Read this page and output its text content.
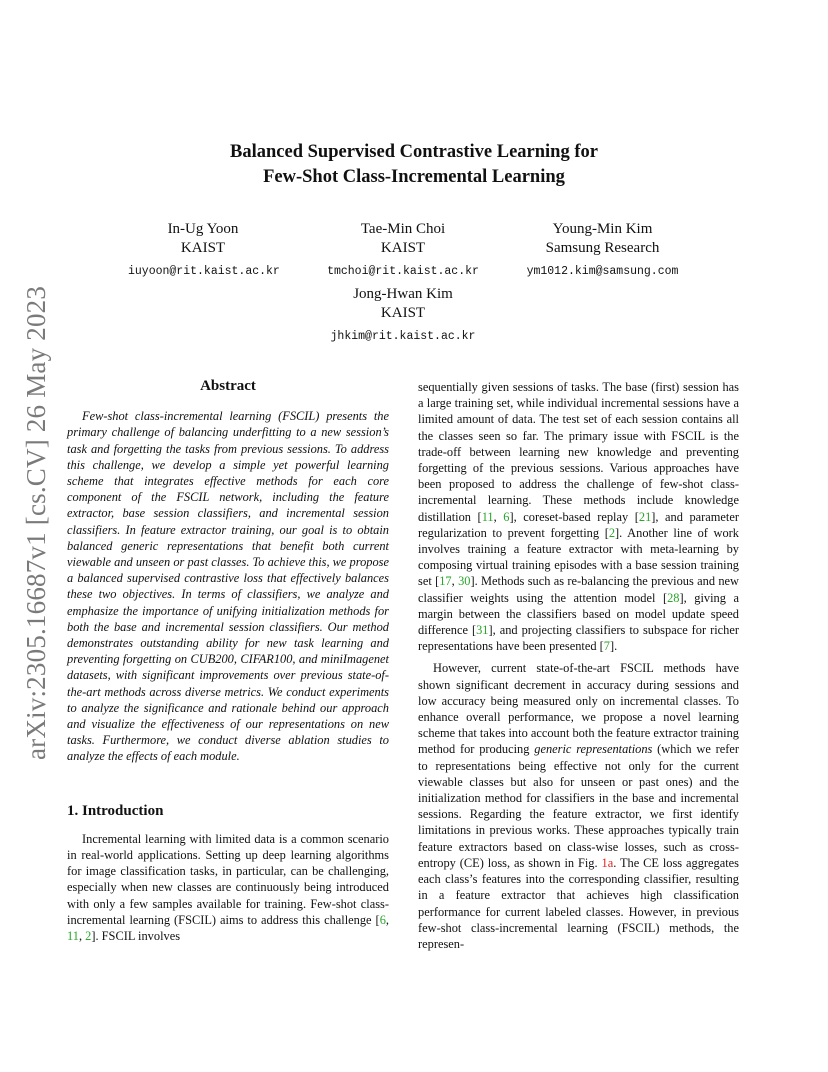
arXiv:2305.16687v1 [cs.CV] 26 May 2023
Balanced Supervised Contrastive Learning for
Few-Shot Class-Incremental Learning
In-Ug Yoon
KAIST
iuyoon@rit.kaist.ac.kr
Tae-Min Choi
KAIST
tmchoi@rit.kaist.ac.kr
Young-Min Kim
Samsung Research
ym1012.kim@samsung.com
Jong-Hwan Kim
KAIST
jhkim@rit.kaist.ac.kr
Abstract

Few-shot class-incremental learning (FSCIL) presents the primary challenge of balancing underfitting to a new session’s task and forgetting the tasks from previous sessions. To address this challenge, we develop a simple yet powerful learning scheme that integrates effective methods for each core component of the FSCIL network, including the feature extractor, base session classifiers, and incremental session classifiers. In feature extractor training, our goal is to obtain balanced generic representations that benefit both current viewable and unseen or past classes. To achieve this, we propose a balanced supervised contrastive loss that effectively balances these two objectives. In terms of classifiers, we analyze and emphasize the importance of unifying initialization methods for both the base and incremental session classifiers. Our method demonstrates outstanding ability for new task learning and preventing forgetting on CUB200, CIFAR100, and miniImagenet datasets, with significant improvements over previous state-of-the-art methods across diverse metrics. We conduct experiments to analyze the significance and rationale behind our approach and visualize the effectiveness of our representations on new tasks. Furthermore, we conduct diverse ablation studies to analyze the effects of each module.

1. Introduction

Incremental learning with limited data is a common scenario in real-world applications. Setting up deep learning algorithms for image classification tasks, in particular, can be challenging, especially when new classes are continuously being introduced with only a few samples available for training. Few-shot class-incremental learning (FSCIL) aims to address this challenge [6, 11, 2]. FSCIL involves

sequentially given sessions of tasks. The base (first) session has a large training set, while individual incremental sessions have a limited amount of data. The test set of each session contains all the classes seen so far. The primary issue with FSCIL is the trade-off between learning new knowledge and preventing forgetting of the previous sessions. Various approaches have been proposed to address the challenge of few-shot class-incremental learning. These methods include knowledge distillation [11, 6], coreset-based replay [21], and parameter regularization to prevent forgetting [2]. Another line of work involves training a feature extractor with meta-learning by composing virtual training episodes with a base session training set [17, 30]. Methods such as re-balancing the previous and new classifier weights using the attention model [28], giving a margin between the classifiers based on model update speed difference [31], and projecting classifiers to subspace for richer representations have been presented [7].

However, current state-of-the-art FSCIL methods have shown significant decrement in accuracy during sessions and low accuracy being measured only on incremental classes. To enhance overall performance, we propose a novel learning scheme that takes into account both the feature extractor training method for producing generic representations (which we refer to representations being effective not only for the current viewable classes but also for unseen or past ones) and the initialization method for classifiers in the base and incremental sessions. Regarding the feature extractor, we first identify limitations in previous works. These approaches typically train feature extractors based on class-wise losses, such as cross-entropy (CE) loss, as shown in Fig. 1a. The CE loss aggregates each class’s features into the corresponding classifier, resulting in a feature extractor that achieves high classification performance for current labeled classes. However, in previous few-shot class-incremental learning (FSCIL) methods, the represen-
